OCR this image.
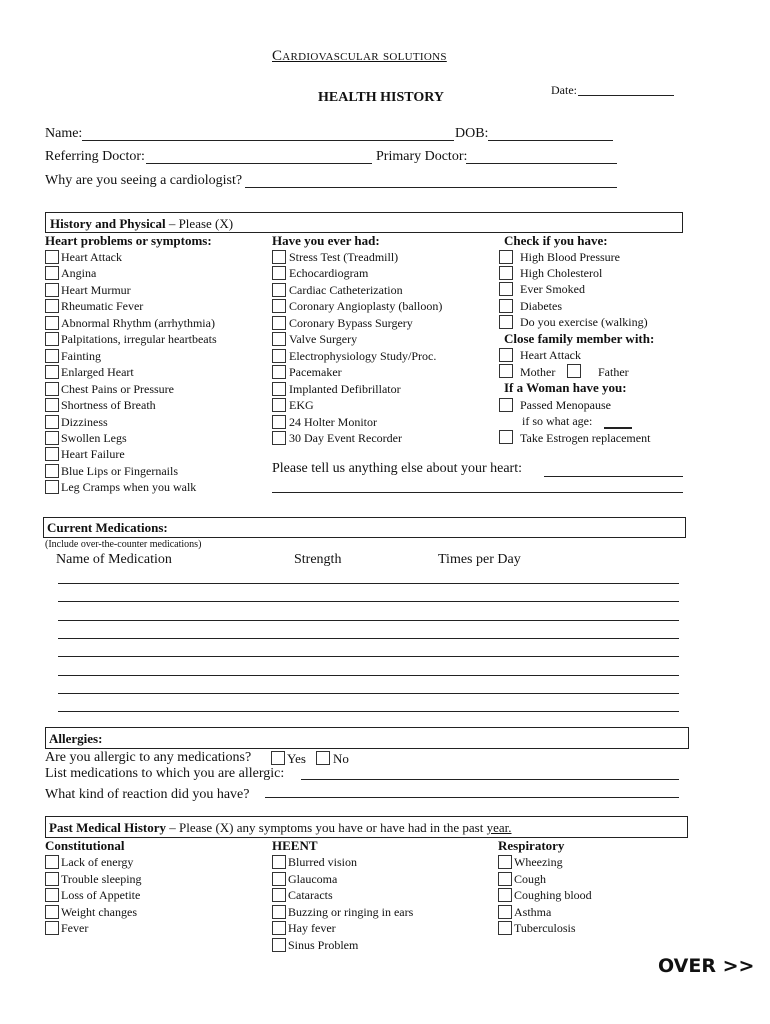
Cardiovascular solutions
HEALTH HISTORY	Date:
Name:	DOB:
Referring Doctor:	Primary Doctor:
Why are you seeing a cardiologist?
History and Physical – Please (X)
Heart problems or symptoms:
Heart Attack
Angina
Heart Murmur
Rheumatic Fever
Abnormal Rhythm (arrhythmia)
Palpitations, irregular heartbeats
Fainting
Enlarged Heart
Chest Pains or Pressure
Shortness of Breath
Dizziness
Swollen Legs
Heart Failure
Blue Lips or Fingernails
Leg Cramps when you walk
Have you ever had:
Stress Test (Treadmill)
Echocardiogram
Cardiac Catheterization
Coronary Angioplasty (balloon)
Coronary Bypass Surgery
Valve Surgery
Electrophysiology Study/Proc.
Pacemaker
Implanted Defibrillator
EKG
24 Holter Monitor
30 Day Event Recorder
Check if you have:
High Blood Pressure
High Cholesterol
Ever Smoked
Diabetes
Do you exercise (walking)
Close family member with:
Heart Attack
Mother	Father
If a Woman have you:
Passed Menopause
if so what age:
Take Estrogen replacement
Please tell us anything else about your heart:
Current Medications:
(Include over-the-counter medications)
Name of Medication	Strength	Times per Day
Allergies:
Are you allergic to any medications?	Yes No
List medications to which you are allergic:
What kind of reaction did you have?
Past Medical History – Please (X) any symptoms you have or have had in the past year.
Constitutional
Lack of energy
Trouble sleeping
Loss of Appetite
Weight changes
Fever
HEENT
Blurred vision
Glaucoma
Cataracts
Buzzing or ringing in ears
Hay fever
Sinus Problem
Respiratory
Wheezing
Cough
Coughing blood
Asthma
Tuberculosis
OVER >>
